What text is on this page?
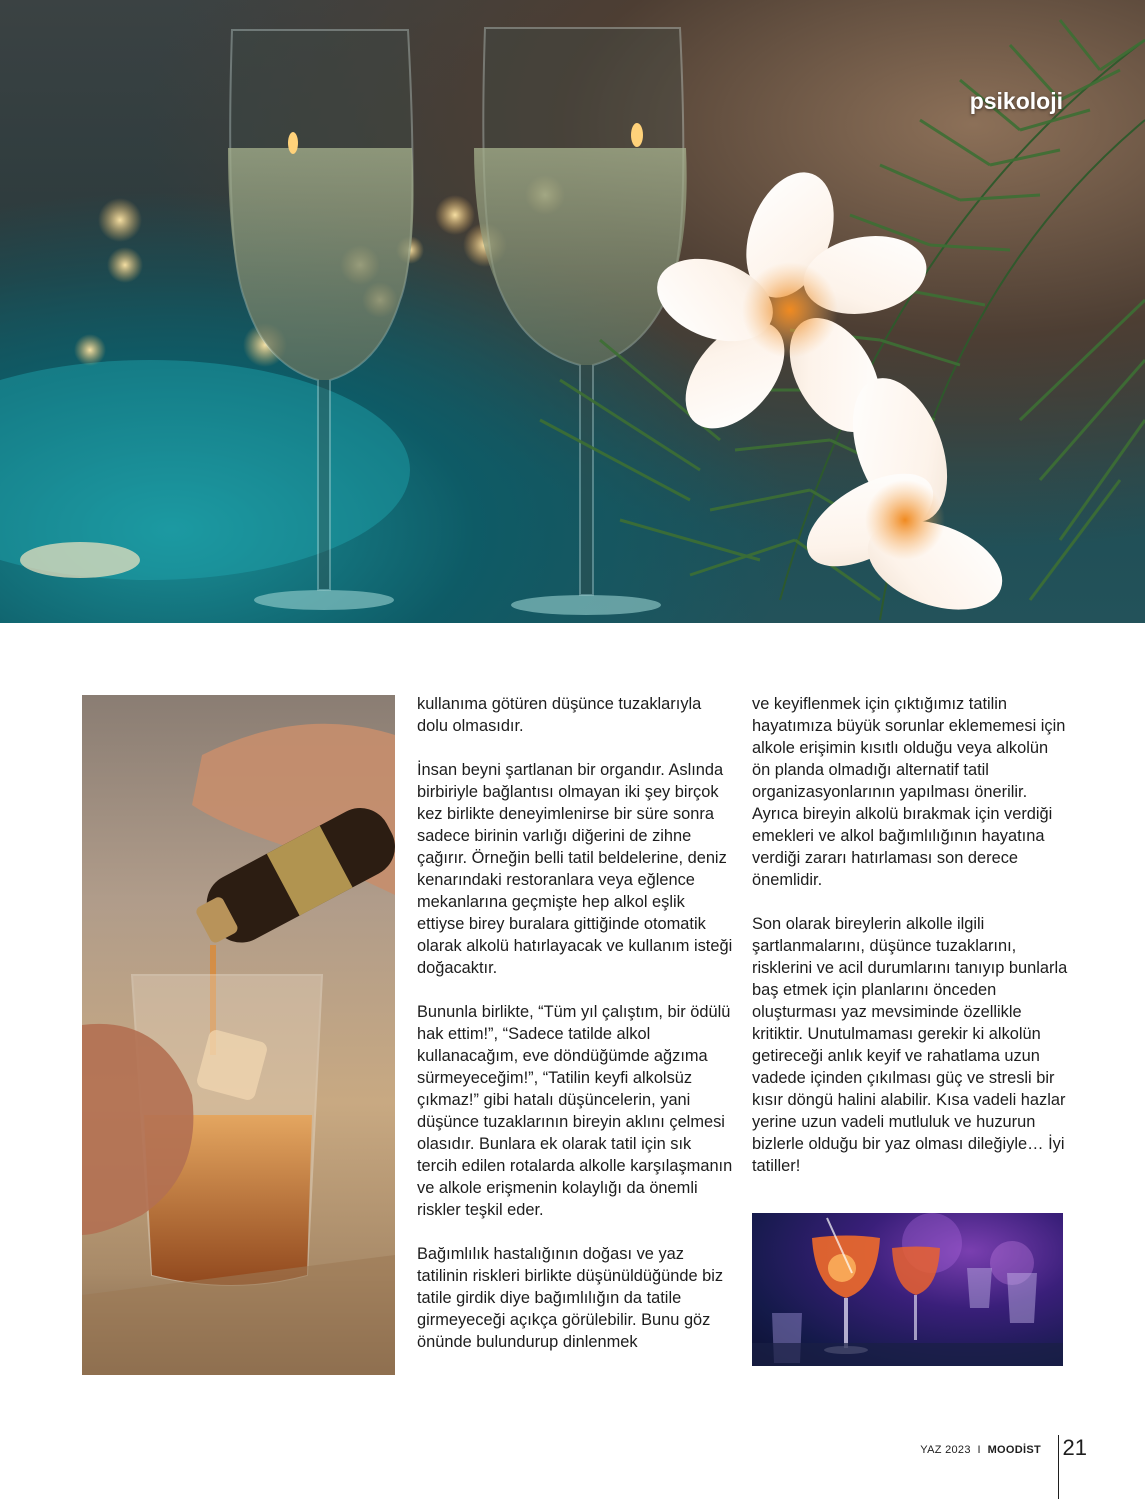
psikoloji

kullanıma götüren düşünce tuzaklarıyla dolu olmasıdır.

İnsan beyni şartlanan bir organdır. Aslında birbiriyle bağlantısı olmayan iki şey birçok kez birlikte deneyimlenirse bir süre sonra sadece birinin varlığı diğerini de zihne çağırır. Örneğin belli tatil beldelerine, deniz kenarındaki restoranlara veya eğlence mekanlarına geçmişte hep alkol eşlik ettiyse birey buralara gittiğinde otomatik olarak alkolü hatırlayacak ve kullanım isteği doğacaktır.

Bununla birlikte, “Tüm yıl çalıştım, bir ödülü hak ettim!”, “Sadece tatilde alkol kullanacağım, eve döndüğümde ağzıma sürmeyeceğim!”, “Tatilin keyfi alkolsüz çıkmaz!” gibi hatalı düşüncelerin, yani düşünce tuzaklarının bireyin aklını çelmesi olasıdır. Bunlara ek olarak tatil için sık tercih edilen rotalarda alkolle karşılaşmanın ve alkole erişmenin kolaylığı da önemli riskler teşkil eder.

Bağımlılık hastalığının doğası ve yaz tatilinin riskleri birlikte düşünüldüğünde biz tatile girdik diye bağımlılığın da tatile girmeyeceği açıkça görülebilir. Bunu göz önünde bulundurup dinlenmek

ve keyiflenmek için çıktığımız tatilin hayatımıza büyük sorunlar eklememesi için alkole erişimin kısıtlı olduğu veya alkolün ön planda olmadığı alternatif tatil organizasyonlarının yapılması önerilir. Ayrıca bireyin alkolü bırakmak için verdiği emekleri ve alkol bağımlılığının hayatına verdiği zararı hatırlaması son derece önemlidir.

Son olarak bireylerin alkolle ilgili şartlanmalarını, düşünce tuzaklarını, risklerini ve acil durumlarını tanıyıp bunlarla baş etmek için planlarını önceden oluşturması yaz mevsiminde özellikle kritiktir. Unutulmaması gerekir ki alkolün getireceği anlık keyif ve rahatlama uzun vadede içinden çıkılması güç ve stresli bir kısır döngü halini alabilir. Kısa vadeli hazlar yerine uzun vadeli mutluluk ve huzurun bizlerle olduğu bir yaz olması dileğiyle… İyi tatiller!

YAZ 2023 I MOODİST 21
